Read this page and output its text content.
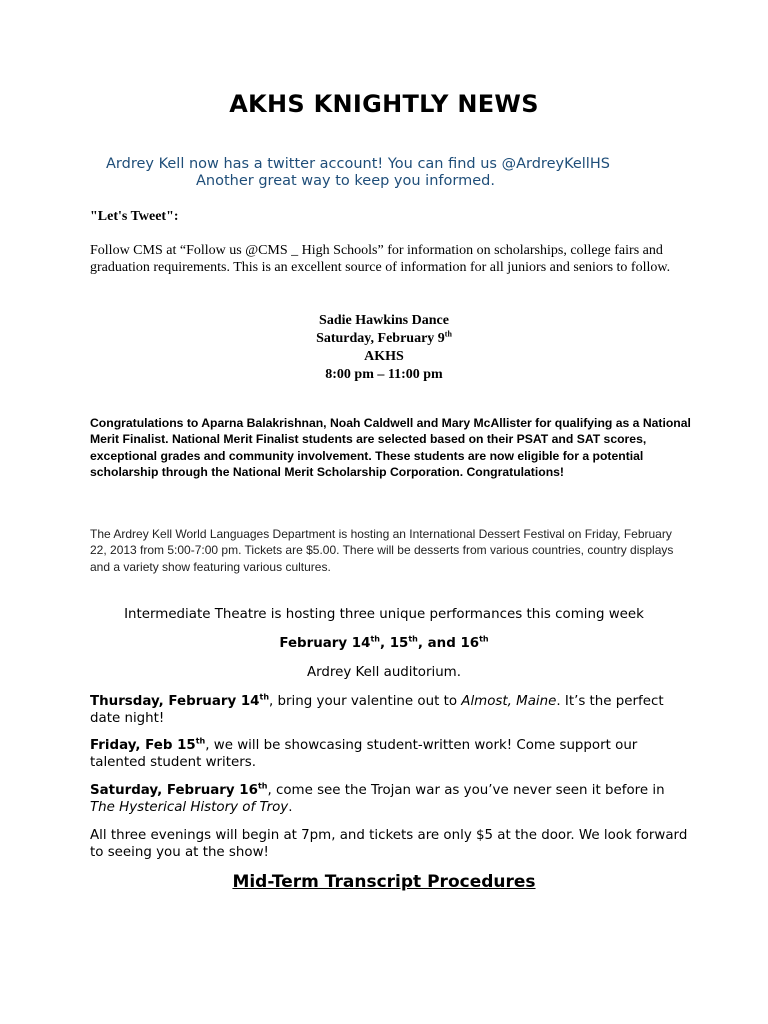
AKHS KNIGHTLY NEWS
Ardrey Kell now has a twitter account! You can find us @ArdreyKellHS
Another great way to keep you informed.
"Let's Tweet":
Follow CMS at “Follow us @CMS _ High Schools” for information on scholarships, college fairs and graduation requirements. This is an excellent source of information for all juniors and seniors to follow.
Sadie Hawkins Dance
Saturday, February 9th
AKHS
8:00 pm – 11:00 pm
Congratulations to Aparna Balakrishnan, Noah Caldwell and Mary McAllister for qualifying as a National Merit Finalist. National Merit Finalist students are selected based on their PSAT and SAT scores, exceptional grades and community involvement. These students are now eligible for a potential scholarship through the National Merit Scholarship Corporation. Congratulations!
The Ardrey Kell World Languages Department is hosting an International Dessert Festival on Friday, February 22, 2013 from 5:00-7:00 pm. Tickets are $5.00. There will be desserts from various countries, country displays and a variety show featuring various cultures.
Intermediate Theatre is hosting three unique performances this coming week
February 14th, 15th, and 16th
Ardrey Kell auditorium.
Thursday, February 14th, bring your valentine out to Almost, Maine. It’s the perfect date night!
Friday, Feb 15th, we will be showcasing student-written work! Come support our talented student writers.
Saturday, February 16th, come see the Trojan war as you’ve never seen it before in The Hysterical History of Troy.
All three evenings will begin at 7pm, and tickets are only $5 at the door. We look forward to seeing you at the show!
Mid-Term Transcript Procedures
